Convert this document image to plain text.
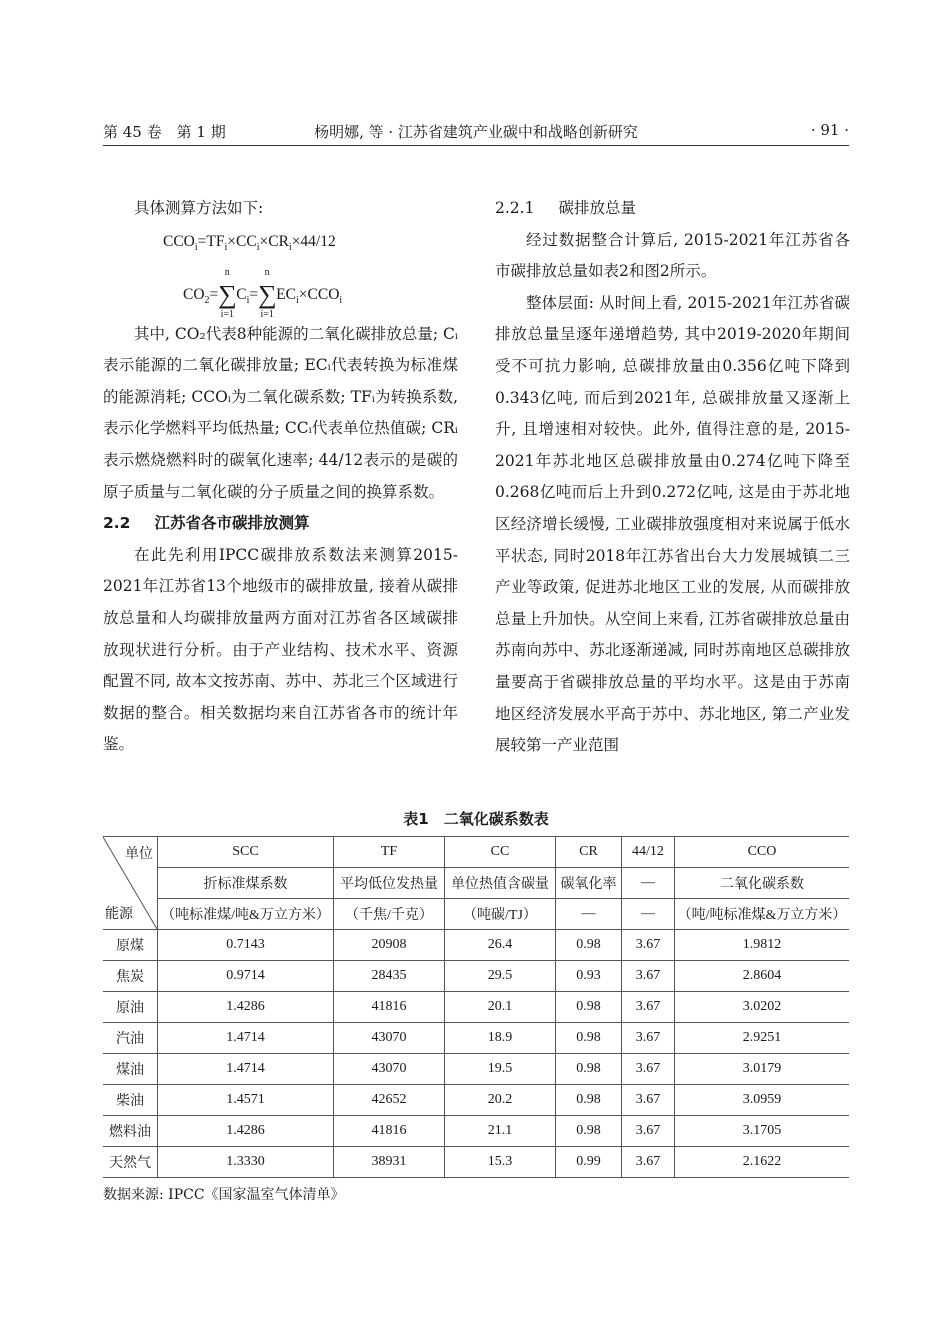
第 45 卷　第 1 期	杨明娜, 等 · 江苏省建筑产业碳中和战略创新研究	· 91 ·

具体测算方法如下:

$CCO_i=TF_i\times CC_i\times CR_i\times 44/12$
$CO_2=$
n
∑
i=1
$C_i=$
n
∑
i=1
$EC_i\times CCO_i$

其中, CO₂代表8种能源的二氧化碳排放总量; Cᵢ表示能源的二氧化碳排放量; ECᵢ代表转换为标准煤的能源消耗; CCOᵢ为二氧化碳系数; TFᵢ为转换系数, 表示化学燃料平均低热量; CCᵢ代表单位热值碳; CRᵢ表示燃烧燃料时的碳氧化速率; 44/12表示的是碳的原子质量与二氧化碳的分子质量之间的换算系数。

2.2 江苏省各市碳排放测算

在此先利用IPCC碳排放系数法来测算2015-2021年江苏省13个地级市的碳排放量, 接着从碳排放总量和人均碳排放量两方面对江苏省各区域碳排放现状进行分析。由于产业结构、技术水平、资源配置不同, 故本文按苏南、苏中、苏北三个区域进行数据的整合。相关数据均来自江苏省各市的统计年鉴。

2.2.1 碳排放总量

经过数据整合计算后, 2015-2021年江苏省各市碳排放总量如表2和图2所示。

整体层面: 从时间上看, 2015-2021年江苏省碳排放总量呈逐年递增趋势, 其中2019-2020年期间受不可抗力影响, 总碳排放量由0.356亿吨下降到0.343亿吨, 而后到2021年, 总碳排放量又逐渐上升, 且增速相对较快。此外, 值得注意的是, 2015-2021年苏北地区总碳排放量由0.274亿吨下降至0.268亿吨而后上升到0.272亿吨, 这是由于苏北地区经济增长缓慢, 工业碳排放强度相对来说属于低水平状态, 同时2018年江苏省出台大力发展城镇二三产业等政策, 促进苏北地区工业的发展, 从而碳排放总量上升加快。从空间上来看, 江苏省碳排放总量由苏南向苏中、苏北逐渐递减, 同时苏南地区总碳排放量要高于省碳排放总量的平均水平。这是由于苏南地区经济发展水平高于苏中、苏北地区, 第二产业发展较第一产业范围

表1　二氧化碳系数表
单位
能源	SCC	TF	CC	CR	44/12	CCO
	折标准煤系数	平均低位发热量	单位热值含碳量	碳氧化率	—	二氧化碳系数
	（吨标准煤/吨&万立方米）	（千焦/千克）	（吨碳/TJ）	—	—	（吨/吨标准煤&万立方米）
原煤	0.7143	20908	26.4	0.98	3.67	1.9812
焦炭	0.9714	28435	29.5	0.93	3.67	2.8604
原油	1.4286	41816	20.1	0.98	3.67	3.0202
汽油	1.4714	43070	18.9	0.98	3.67	2.9251
煤油	1.4714	43070	19.5	0.98	3.67	3.0179
柴油	1.4571	42652	20.2	0.98	3.67	3.0959
燃料油	1.4286	41816	21.1	0.98	3.67	3.1705
天然气	1.3330	38931	15.3	0.99	3.67	2.1622
数据来源: IPCC《国家温室气体清单》
